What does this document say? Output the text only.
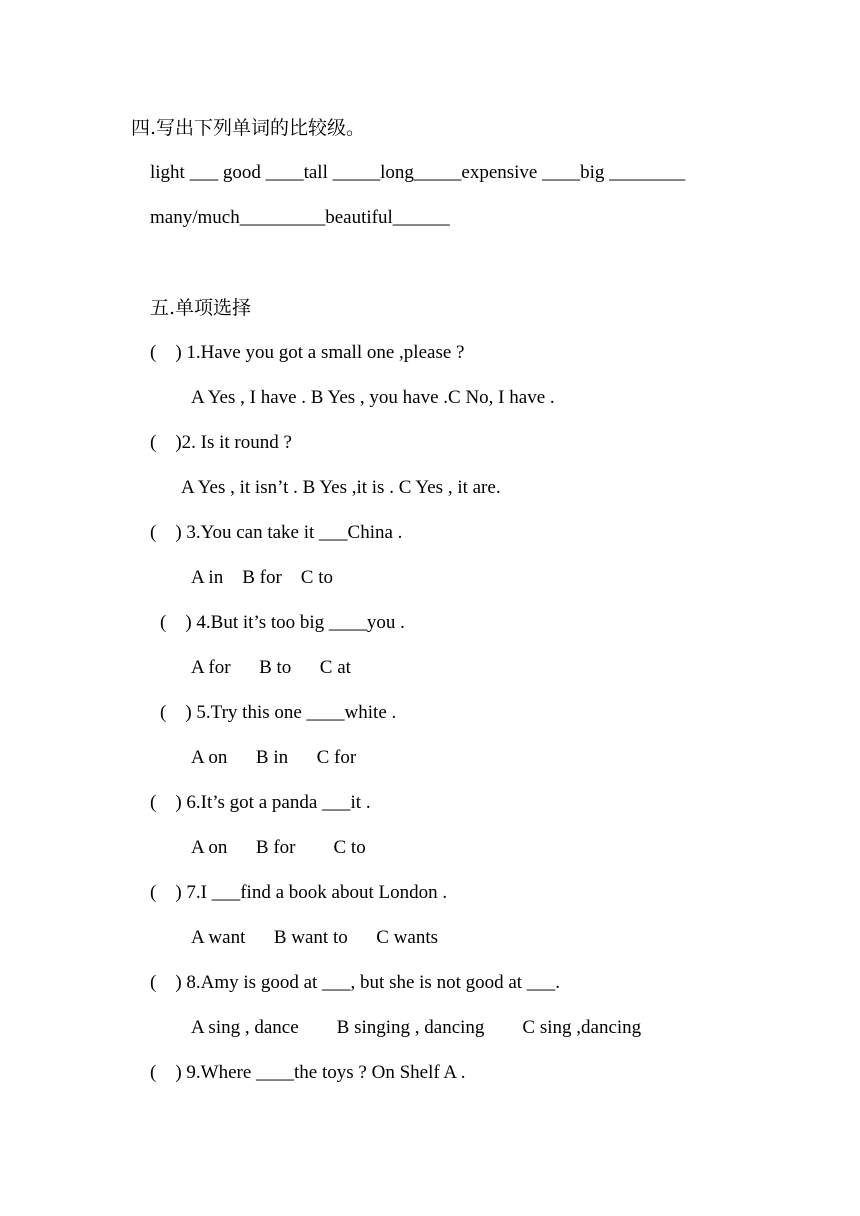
四.写出下列单词的比较级。
light ___ good ____tall _____long_____expensive ____big ________
many/much_________beautiful______
五.单项选择
(    ) 1.Have you got a small one ,please ?
A Yes , I have . B Yes , you have .C No, I have .
(    )2. Is it round ?
A Yes , it isn’t . B Yes ,it is . C Yes , it are.
(    ) 3.You can take it ___China .
A in    B for    C to
(    ) 4.But it’s too big ____you .
A for      B to      C at
(    ) 5.Try this one ____white .
A on      B in      C for
(    ) 6.It’s got a panda ___it .
A on      B for        C to
(    ) 7.I ___find a book about London .
A want      B want to      C wants
(    ) 8.Amy is good at ___, but she is not good at ___.
A sing , dance        B singing , dancing        C sing ,dancing
(    ) 9.Where ____the toys ? On Shelf A .
